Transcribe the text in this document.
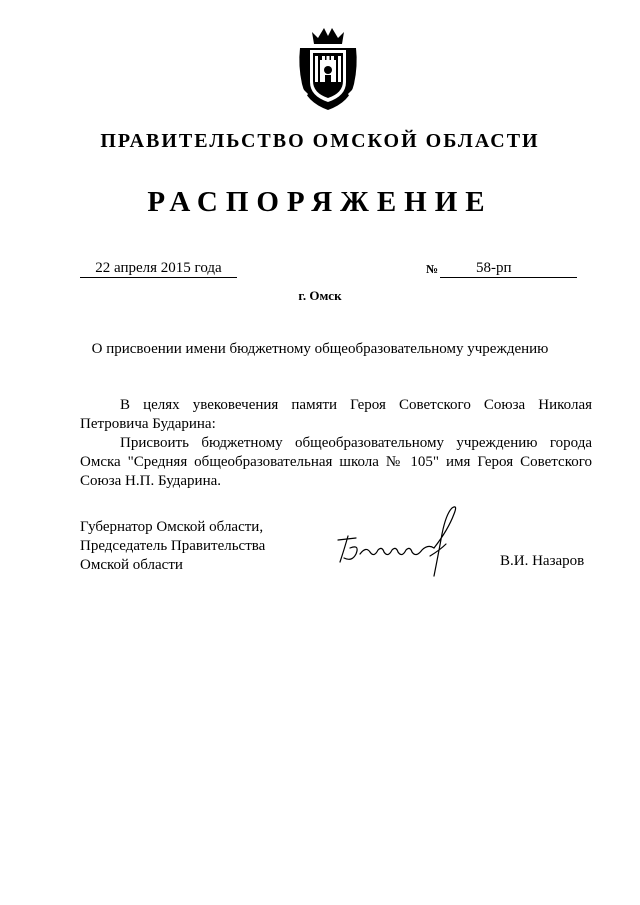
ПРАВИТЕЛЬСТВО ОМСКОЙ ОБЛАСТИ
РАСПОРЯЖЕНИЕ
22 апреля 2015 года	№	58-рп
г. Омск
О присвоении имени бюджетному общеобразовательному учреждению

В целях увековечения памяти Героя Советского Союза Николая Петровича Бударина:

Присвоить бюджетному общеобразовательному учреждению города Омска "Средняя общеобразовательная школа № 105" имя Героя Советского Союза Н.П. Бударина.

Губернатор Омской области,
Председатель Правительства
Омской области	В.И. Назаров
